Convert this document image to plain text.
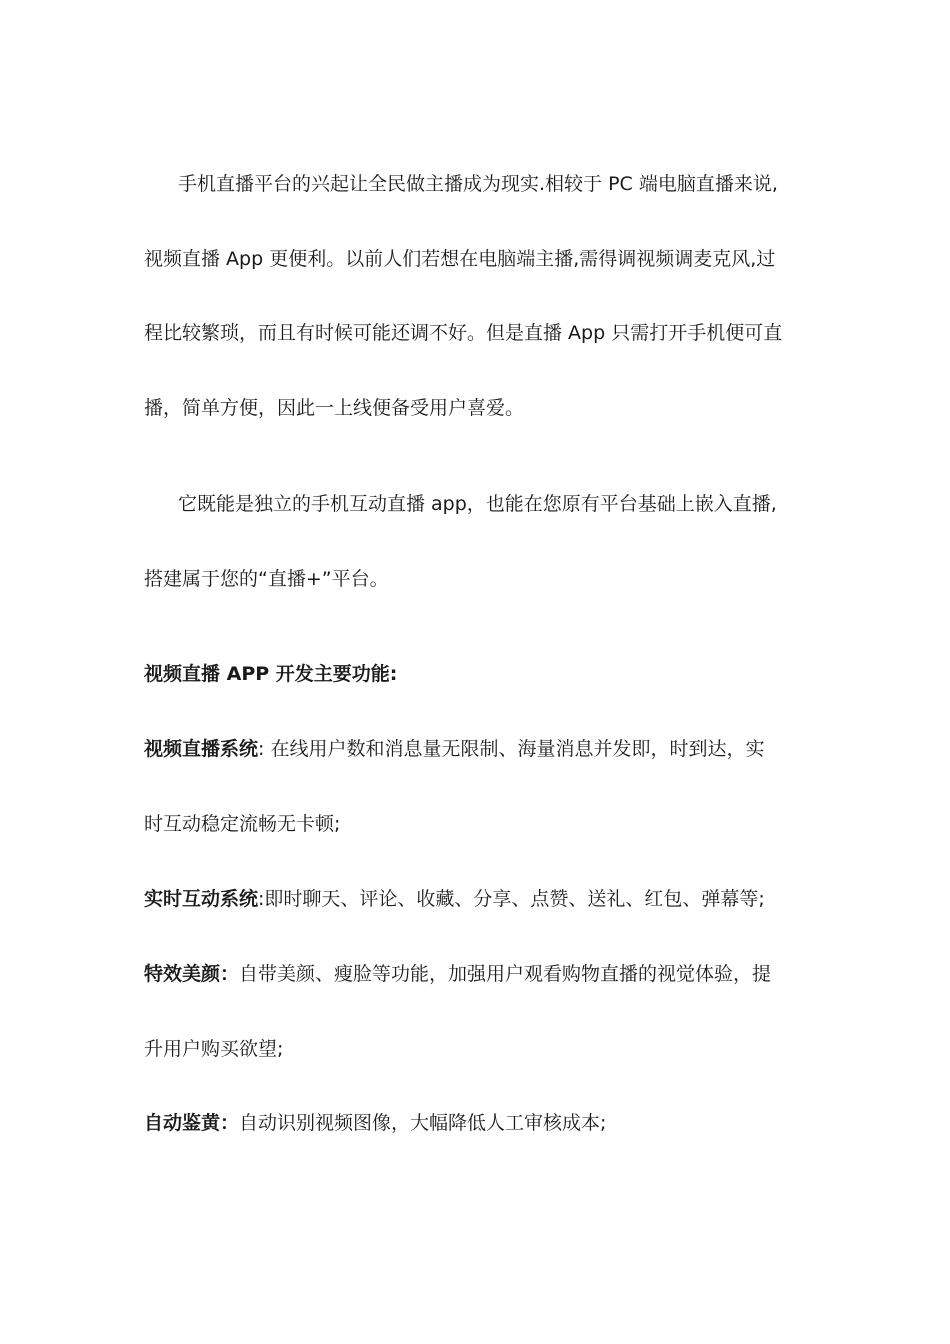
手机直播平台的兴起让全民做主播成为现实.相较于 PC 端电脑直播来说,
视频直播 App 更便利。以前人们若想在电脑端主播,需得调视频调麦克风,过
程比较繁琐，而且有时候可能还调不好。但是直播 App 只需打开手机便可直
播，简单方便，因此一上线便备受用户喜爱。
它既能是独立的手机互动直播 app，也能在您原有平台基础上嵌入直播,
搭建属于您的“直播+”平台。
视频直播 APP 开发主要功能:
视频直播系统: 在线用户数和消息量无限制、海量消息并发即，时到达，实
时互动稳定流畅无卡顿;
实时互动系统:即时聊天、评论、收藏、分享、点赞、送礼、红包、弹幕等;
特效美颜：自带美颜、瘦脸等功能，加强用户观看购物直播的视觉体验，提
升用户购买欲望;
自动鉴黄：自动识别视频图像，大幅降低人工审核成本;
